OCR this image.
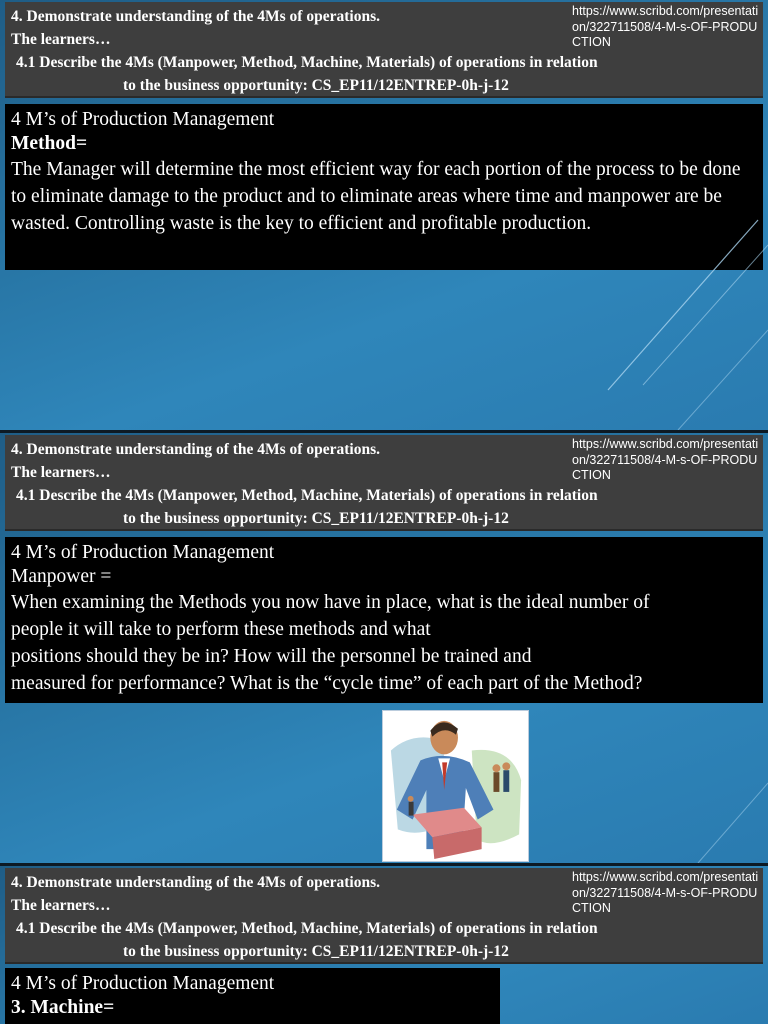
4. Demonstrate understanding of the 4Ms of operations.
The learners…
4.1 Describe the 4Ms (Manpower, Method, Machine, Materials) of operations in relation
to the business opportunity: CS_EP11/12ENTREP-0h-j-12
https://www.scribd.com/presentation/322711508/4-M-s-OF-PRODUCTION
4 M’s of Production Management
Method=
The Manager will determine the most efficient way for each portion of the process to be done to eliminate damage to the product and to eliminate areas where time and manpower are be wasted. Controlling waste is the key to efficient and profitable production.
4. Demonstrate understanding of the 4Ms of operations.
The learners…
4.1 Describe the 4Ms (Manpower, Method, Machine, Materials) of operations in relation
to the business opportunity: CS_EP11/12ENTREP-0h-j-12
https://www.scribd.com/presentation/322711508/4-M-s-OF-PRODUCTION
4 M’s of Production Management
Manpower =
When examining the Methods you now have in place, what is the ideal number of
people it will take to perform these methods and what
positions should they be in? How will the personnel be trained and
measured for performance? What is the “cycle time” of each part of the Method?
4. Demonstrate understanding of the 4Ms of operations.
The learners…
4.1 Describe the 4Ms (Manpower, Method, Machine, Materials) of operations in relation
to the business opportunity: CS_EP11/12ENTREP-0h-j-12
https://www.scribd.com/presentation/322711508/4-M-s-OF-PRODUCTION
4 M’s of Production Management
3. Machine=
